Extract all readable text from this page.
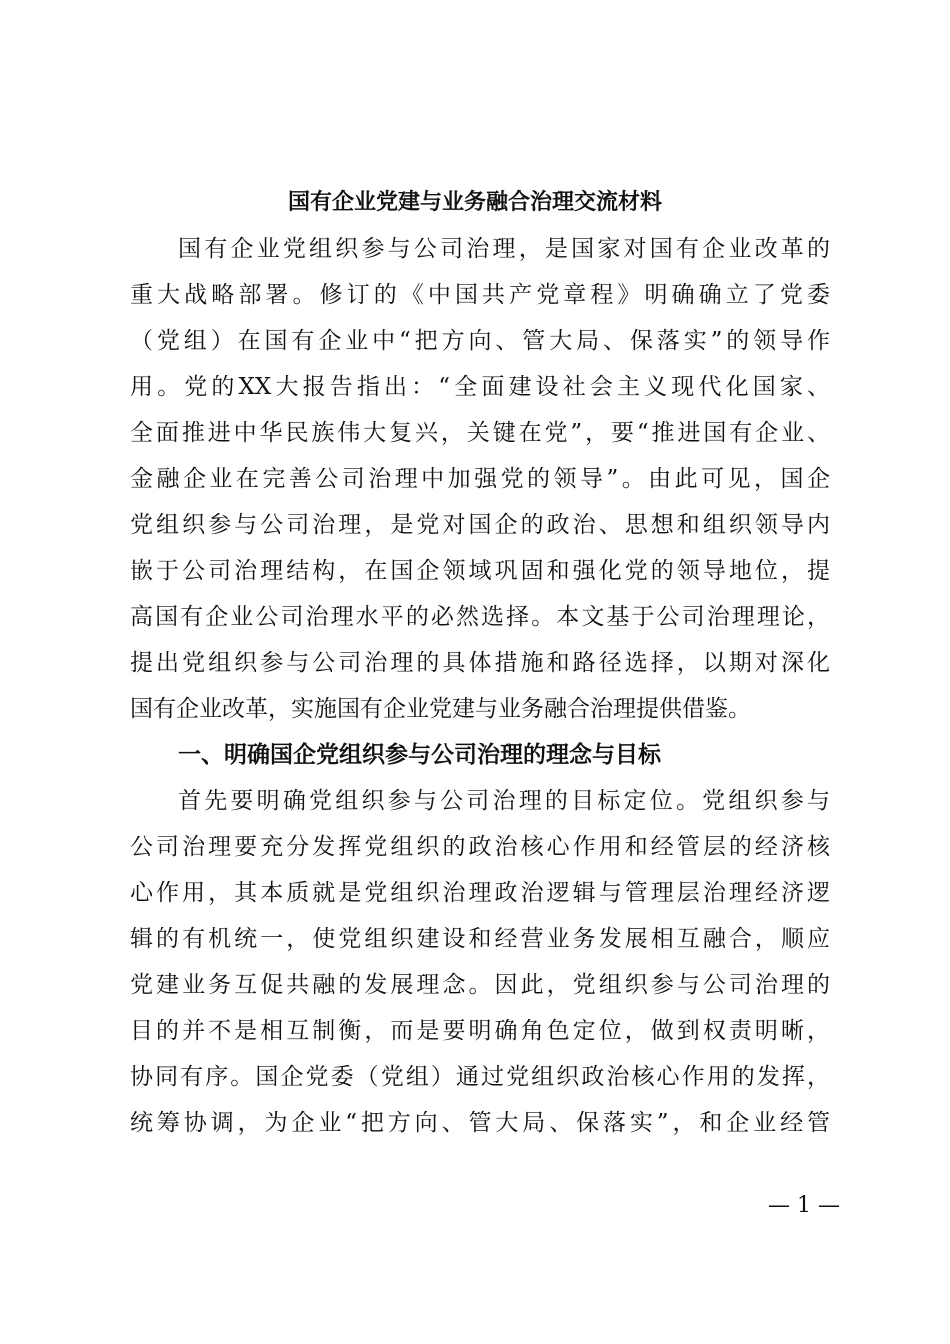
国有企业党建与业务融合治理交流材料
国有企业党组织参与公司治理，是国家对国有企业改革的
重大战略部署。修订的《中国共产党章程》明确确立了党委
（党组）在国有企业中“把方向、管大局、保落实”的领导作
用。党的XX大报告指出：“全面建设社会主义现代化国家、
全面推进中华民族伟大复兴，关键在党”，要“推进国有企业、
金融企业在完善公司治理中加强党的领导”。由此可见，国企
党组织参与公司治理，是党对国企的政治、思想和组织领导内
嵌于公司治理结构，在国企领域巩固和强化党的领导地位，提
高国有企业公司治理水平的必然选择。本文基于公司治理理论，
提出党组织参与公司治理的具体措施和路径选择，以期对深化
国有企业改革，实施国有企业党建与业务融合治理提供借鉴。
一、明确国企党组织参与公司治理的理念与目标
首先要明确党组织参与公司治理的目标定位。党组织参与
公司治理要充分发挥党组织的政治核心作用和经管层的经济核
心作用，其本质就是党组织治理政治逻辑与管理层治理经济逻
辑的有机统一，使党组织建设和经营业务发展相互融合，顺应
党建业务互促共融的发展理念。因此，党组织参与公司治理的
目的并不是相互制衡，而是要明确角色定位，做到权责明晰，
协同有序。国企党委（党组）通过党组织政治核心作用的发挥，
统筹协调，为企业“把方向、管大局、保落实”，和企业经管
— 1 —
